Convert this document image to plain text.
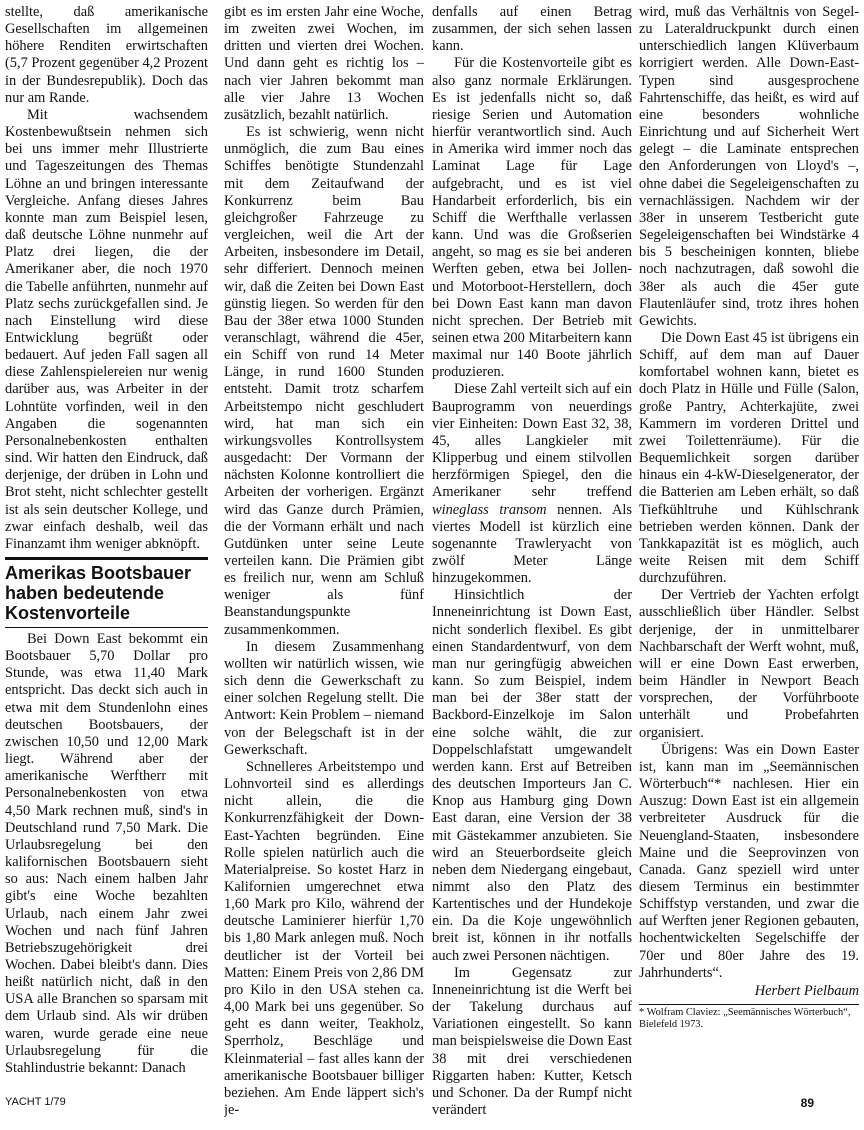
stellte, daß amerikanische Gesellschaften im allgemeinen höhere Renditen erwirtschaften (5,7 Prozent gegenüber 4,2 Prozent in der Bundesrepublik). Doch das nur am Rande.

Mit wachsendem Kostenbewußtsein nehmen sich bei uns immer mehr Illustrierte und Tageszeitungen des Themas Löhne an und bringen interessante Vergleiche. Anfang dieses Jahres konnte man zum Beispiel lesen, daß deutsche Löhne nunmehr auf Platz drei liegen, die der Amerikaner aber, die noch 1970 die Tabelle anführten, nunmehr auf Platz sechs zurückgefallen sind. Je nach Einstellung wird diese Entwicklung begrüßt oder bedauert. Auf jeden Fall sagen all diese Zahlenspielereien nur wenig darüber aus, was Arbeiter in der Lohntüte vorfinden, weil in den Angaben die sogenannten Personalnebenkosten enthalten sind. Wir hatten den Eindruck, daß derjenige, der drüben in Lohn und Brot steht, nicht schlechter gestellt ist als sein deutscher Kollege, und zwar einfach deshalb, weil das Finanzamt ihm weniger abknöpft.

Amerikas Bootsbauer haben bedeutende Kostenvorteile

Bei Down East bekommt ein Bootsbauer 5,70 Dollar pro Stunde, was etwa 11,40 Mark entspricht. Das deckt sich auch in etwa mit dem Stundenlohn eines deutschen Bootsbauers, der zwischen 10,50 und 12,00 Mark liegt. Während aber der amerikanische Werftherr mit Personalnebenkosten von etwa 4,50 Mark rechnen muß, sind's in Deutschland rund 7,50 Mark. Die Urlaubsregelung bei den kalifornischen Bootsbauern sieht so aus: Nach einem halben Jahr gibt's eine Woche bezahlten Urlaub, nach einem Jahr zwei Wochen und nach fünf Jahren Betriebszugehörigkeit drei Wochen. Dabei bleibt's dann. Dies heißt natürlich nicht, daß in den USA alle Branchen so sparsam mit dem Urlaub sind. Als wir drüben waren, wurde gerade eine neue Urlaubsregelung für die Stahlindustrie bekannt: Danach

gibt es im ersten Jahr eine Woche, im zweiten zwei Wochen, im dritten und vierten drei Wochen. Und dann geht es richtig los – nach vier Jahren bekommt man alle vier Jahre 13 Wochen zusätzlich, bezahlt natürlich.

Es ist schwierig, wenn nicht unmöglich, die zum Bau eines Schiffes benötigte Stundenzahl mit dem Zeitaufwand der Konkurrenz beim Bau gleichgroßer Fahrzeuge zu vergleichen, weil die Art der Arbeiten, insbesondere im Detail, sehr differiert. Dennoch meinen wir, daß die Zeiten bei Down East günstig liegen. So werden für den Bau der 38er etwa 1000 Stunden veranschlagt, während die 45er, ein Schiff von rund 14 Meter Länge, in rund 1600 Stunden entsteht. Damit trotz scharfem Arbeitstempo nicht geschludert wird, hat man sich ein wirkungsvolles Kontrollsystem ausgedacht: Der Vormann der nächsten Kolonne kontrolliert die Arbeiten der vorherigen. Ergänzt wird das Ganze durch Prämien, die der Vormann erhält und nach Gutdünken unter seine Leute verteilen kann. Die Prämien gibt es freilich nur, wenn am Schluß weniger als fünf Beanstandungspunkte zusammenkommen.

In diesem Zusammenhang wollten wir natürlich wissen, wie sich denn die Gewerkschaft zu einer solchen Regelung stellt. Die Antwort: Kein Problem – niemand von der Belegschaft ist in der Gewerkschaft.

Schnelleres Arbeitstempo und Lohnvorteil sind es allerdings nicht allein, die die Konkurrenzfähigkeit der Down-East-Yachten begründen. Eine Rolle spielen natürlich auch die Materialpreise. So kostet Harz in Kalifornien umgerechnet etwa 1,60 Mark pro Kilo, während der deutsche Laminierer hierfür 1,70 bis 1,80 Mark anlegen muß. Noch deutlicher ist der Vorteil bei Matten: Einem Preis von 2,86 DM pro Kilo in den USA stehen ca. 4,00 Mark bei uns gegenüber. So geht es dann weiter, Teakholz, Sperrholz, Beschläge und Kleinmaterial – fast alles kann der amerikanische Bootsbauer billiger beziehen. Am Ende läppert sich's je-

denfalls auf einen Betrag zusammen, der sich sehen lassen kann.

Für die Kostenvorteile gibt es also ganz normale Erklärungen. Es ist jedenfalls nicht so, daß riesige Serien und Automation hierfür verantwortlich sind. Auch in Amerika wird immer noch das Laminat Lage für Lage aufgebracht, und es ist viel Handarbeit erforderlich, bis ein Schiff die Werfthalle verlassen kann. Und was die Großserien angeht, so mag es sie bei anderen Werften geben, etwa bei Jollen- und Motorboot-Herstellern, doch bei Down East kann man davon nicht sprechen. Der Betrieb mit seinen etwa 200 Mitarbeitern kann maximal nur 140 Boote jährlich produzieren.

Diese Zahl verteilt sich auf ein Bauprogramm von neuerdings vier Einheiten: Down East 32, 38, 45, alles Langkieler mit Klipperbug und einem stilvollen herzförmigen Spiegel, den die Amerikaner sehr treffend wineglass transom nennen. Als viertes Modell ist kürzlich eine sogenannte Trawleryacht von zwölf Meter Länge hinzugekommen.

Hinsichtlich der Inneneinrichtung ist Down East, nicht sonderlich flexibel. Es gibt einen Standardentwurf, von dem man nur geringfügig abweichen kann. So zum Beispiel, indem man bei der 38er statt der Backbord-Einzelkoje im Salon eine solche wählt, die zur Doppelschlafstatt umgewandelt werden kann. Erst auf Betreiben des deutschen Importeurs Jan C. Knop aus Hamburg ging Down East daran, eine Version der 38 mit Gästekammer anzubieten. Sie wird an Steuerbordseite gleich neben dem Niedergang eingebaut, nimmt also den Platz des Kartentisches und der Hundekoje ein. Da die Koje ungewöhnlich breit ist, können in ihr notfalls auch zwei Personen nächtigen.

Im Gegensatz zur Inneneinrichtung ist die Werft bei der Takelung durchaus auf Variationen eingestellt. So kann man beispielsweise die Down East 38 mit drei verschiedenen Riggarten haben: Kutter, Ketsch und Schoner. Da der Rumpf nicht verändert

wird, muß das Verhältnis von Segel- zu Lateraldruckpunkt durch einen unterschiedlich langen Klüverbaum korrigiert werden. Alle Down-East-Typen sind ausgesprochene Fahrtenschiffe, das heißt, es wird auf eine besonders wohnliche Einrichtung und auf Sicherheit Wert gelegt – die Laminate entsprechen den Anforderungen von Lloyd's –, ohne dabei die Segeleigenschaften zu vernachlässigen. Nachdem wir der 38er in unserem Testbericht gute Segeleigenschaften bei Windstärke 4 bis 5 bescheinigen konnten, bliebe noch nachzutragen, daß sowohl die 38er als auch die 45er gute Flautenläufer sind, trotz ihres hohen Gewichts.

Die Down East 45 ist übrigens ein Schiff, auf dem man auf Dauer komfortabel wohnen kann, bietet es doch Platz in Hülle und Fülle (Salon, große Pantry, Achterkajüte, zwei Kammern im vorderen Drittel und zwei Toilettenräume). Für die Bequemlichkeit sorgen darüber hinaus ein 4-kW-Dieselgenerator, der die Batterien am Leben erhält, so daß Tiefkühltruhe und Kühlschrank betrieben werden können. Dank der Tankkapazität ist es möglich, auch weite Reisen mit dem Schiff durchzuführen.

Der Vertrieb der Yachten erfolgt ausschließlich über Händler. Selbst derjenige, der in unmittelbarer Nachbarschaft der Werft wohnt, muß, will er eine Down East erwerben, beim Händler in Newport Beach vorsprechen, der Vorführboote unterhält und Probefahrten organisiert.

Übrigens: Was ein Down Easter ist, kann man im „Seemännischen Wörterbuch“* nachlesen. Hier ein Auszug: Down East ist ein allgemein verbreiteter Ausdruck für die Neuengland-Staaten, insbesondere Maine und die Seeprovinzen von Canada. Ganz speziell wird unter diesem Terminus ein bestimmter Schiffstyp verstanden, und zwar die auf Werften jener Regionen gebauten, hochentwickelten Segelschiffe der 70er und 80er Jahre des 19. Jahrhunderts“.

Herbert Pielbaum

* Wolfram Claviez: „Seemännisches Wörterbuch“, Bielefeld 1973.

YACHT 1/79	89
